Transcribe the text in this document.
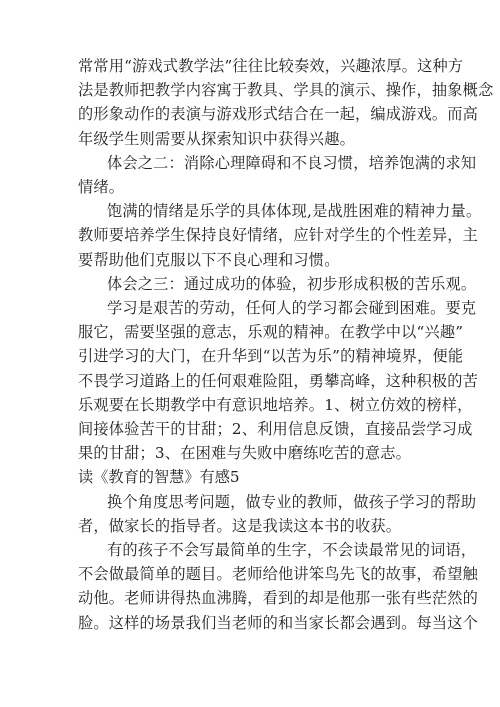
常常用“游戏式教学法”往往比较奏效，兴趣浓厚。这种方
法是教师把教学内容寓于教具、学具的演示、操作，抽象概念
的形象动作的表演与游戏形式结合在一起，编成游戏。而高
年级学生则需要从探索知识中获得兴趣。
体会之二：消除心理障碍和不良习惯，培养饱满的求知
情绪。
饱满的情绪是乐学的具体体现,是战胜困难的精神力量。
教师要培养学生保持良好情绪，应针对学生的个性差异，主
要帮助他们克服以下不良心理和习惯。
体会之三：通过成功的体验，初步形成积极的苦乐观。
学习是艰苦的劳动，任何人的学习都会碰到困难。要克
服它，需要坚强的意志，乐观的精神。在教学中以“兴趣”
引进学习的大门，在升华到“以苦为乐”的精神境界，便能
不畏学习道路上的任何艰难险阻，勇攀高峰，这种积极的苦
乐观要在长期教学中有意识地培养。1、树立仿效的榜样，
间接体验苦干的甘甜；2、利用信息反馈，直接品尝学习成
果的甘甜；3、在困难与失败中磨练吃苦的意志。
读《教育的智慧》有感5
换个角度思考问题，做专业的教师，做孩子学习的帮助
者，做家长的指导者。这是我读这本书的收获。
有的孩子不会写最简单的生字，不会读最常见的词语，
不会做最简单的题目。老师给他讲笨鸟先飞的故事，希望触
动他。老师讲得热血沸腾，看到的却是他那一张有些茫然的
脸。这样的场景我们当老师的和当家长都会遇到。每当这个
